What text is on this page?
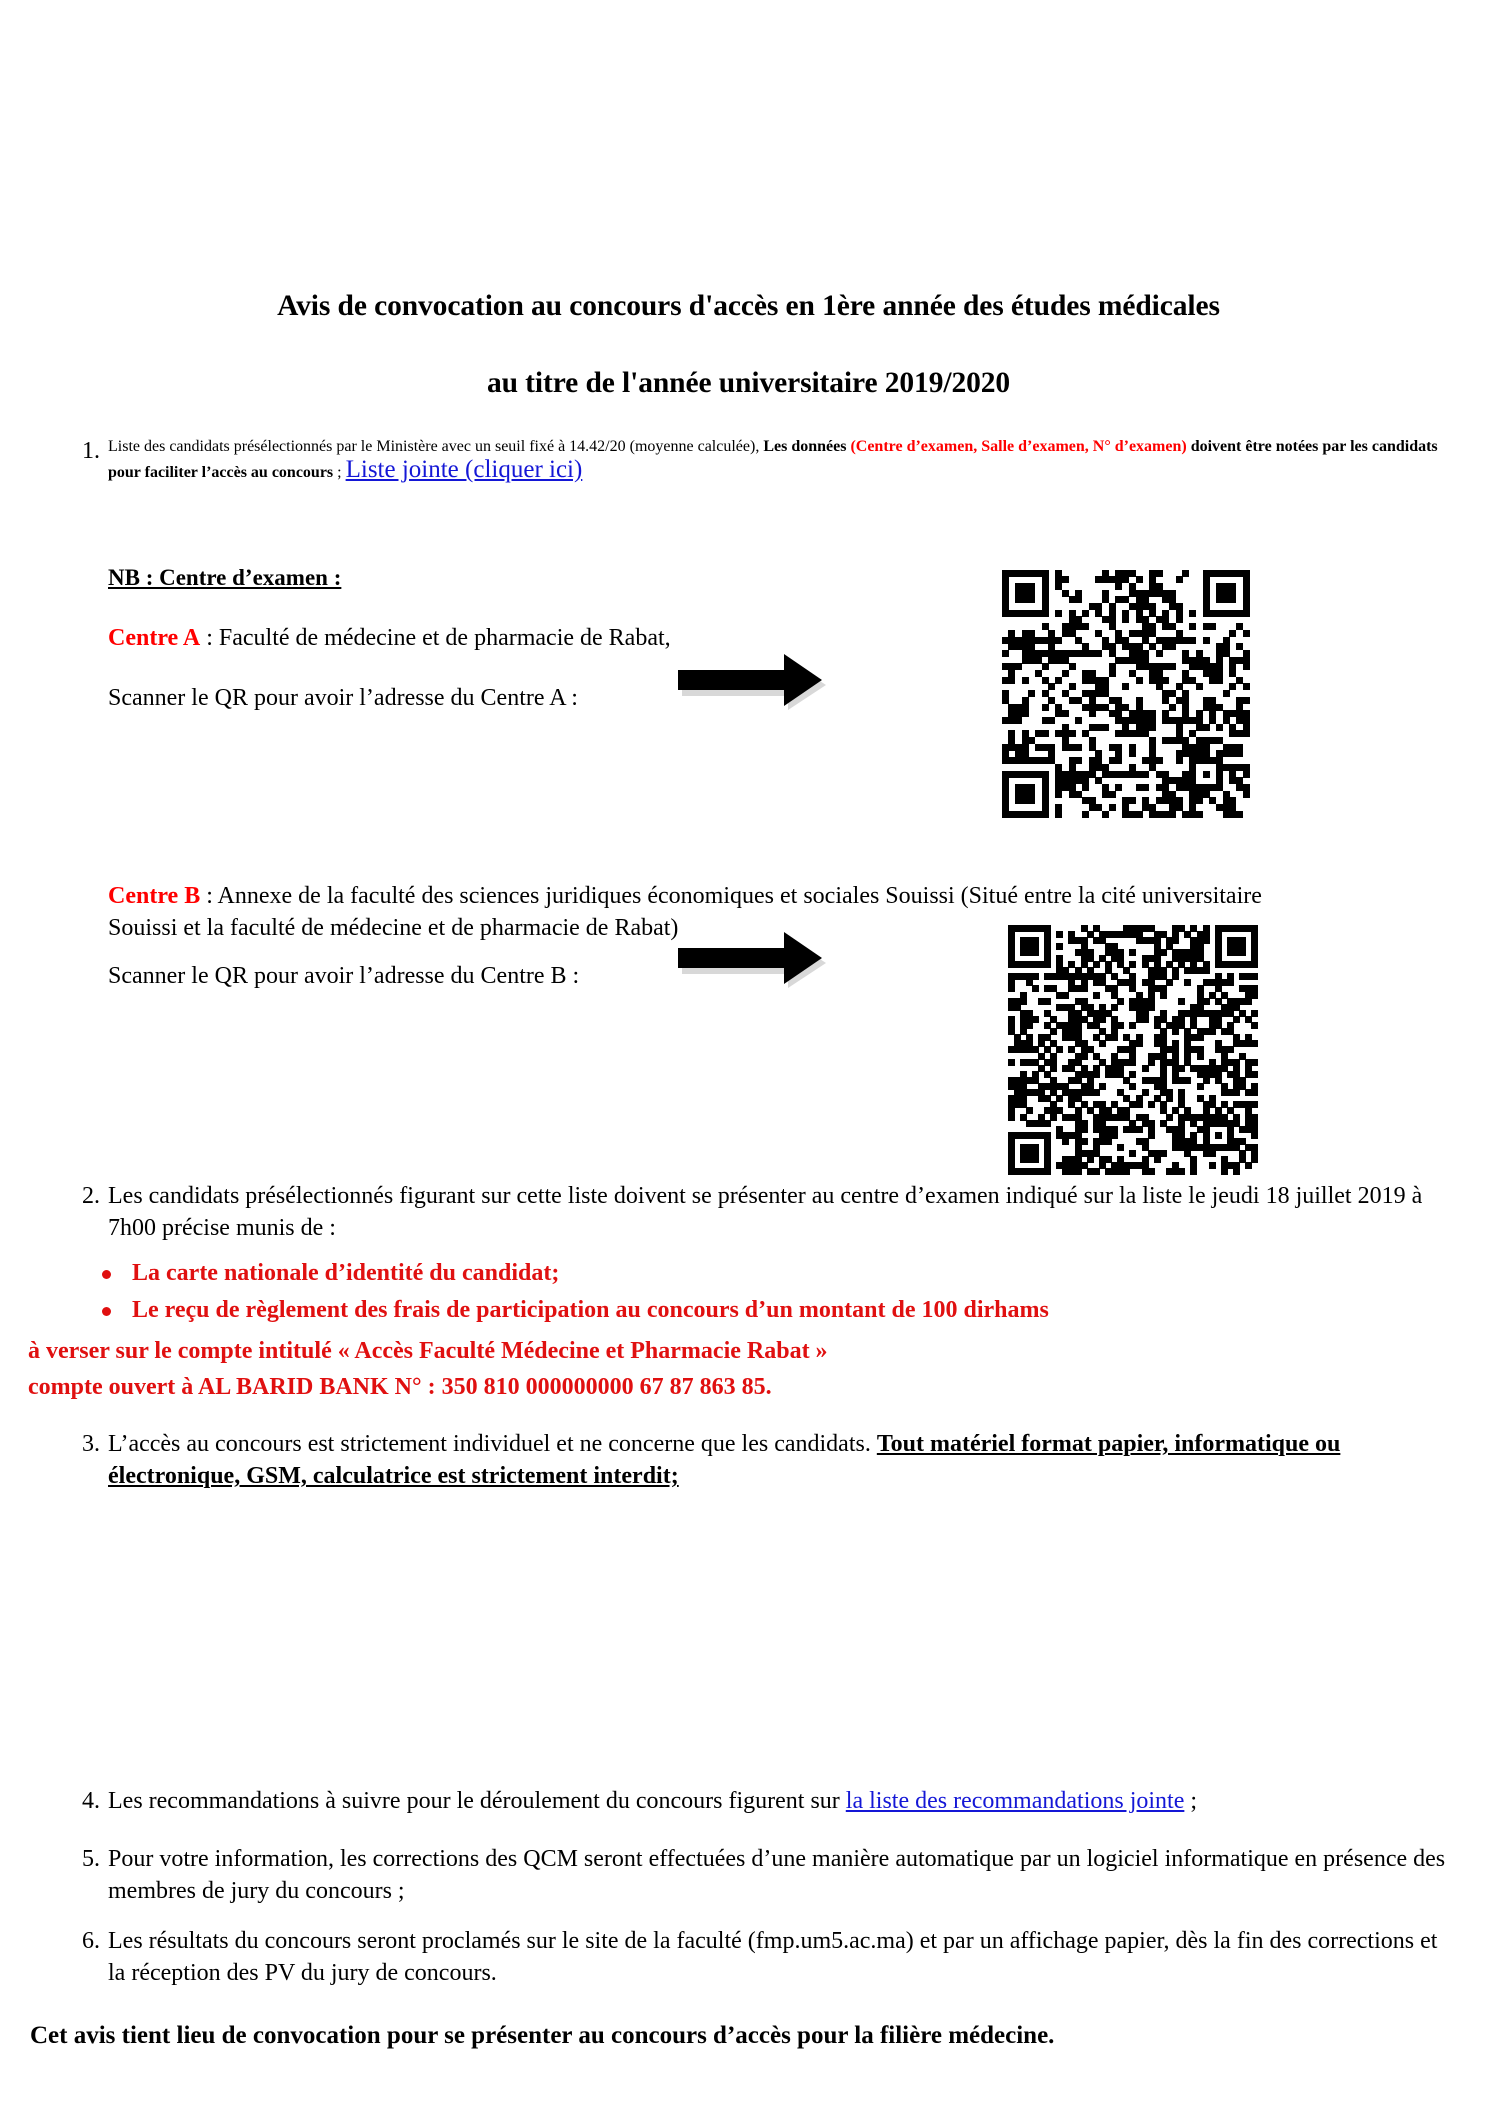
Avis de convocation au concours d'accès en 1ère année des études médicales
au titre de l'année universitaire 2019/2020
1. Liste des candidats présélectionnés par le Ministère avec un seuil fixé à 14.42/20 (moyenne calculée), Les données (Centre d’examen, Salle d’examen, N° d’examen) doivent être notées par les candidats pour faciliter l’accès au concours ; Liste jointe (cliquer ici)
NB : Centre d’examen :
Centre A : Faculté de médecine et de pharmacie de Rabat,
Scanner le QR pour avoir l’adresse du Centre A :
Centre B : Annexe de la faculté des sciences juridiques économiques et sociales Souissi (Situé entre la cité universitaire Souissi et la faculté de médecine et de pharmacie de Rabat)
Scanner le QR pour avoir l’adresse du Centre B :
2. Les candidats présélectionnés figurant sur cette liste doivent se présenter au centre d’examen indiqué sur la liste le jeudi 18 juillet 2019 à 7h00 précise munis de :
La carte nationale d’identité du candidat;
Le reçu de règlement des frais de participation au concours d’un montant de 100 dirhams
à verser sur le compte intitulé « Accès Faculté Médecine et Pharmacie Rabat »
compte ouvert à AL BARID BANK N° : 350 810 000000000 67 87 863 85.
3. L’accès au concours est strictement individuel et ne concerne que les candidats. Tout matériel format papier, informatique ou électronique, GSM, calculatrice est strictement interdit;
4. Les recommandations à suivre pour le déroulement du concours figurent sur la liste des recommandations jointe ;
5. Pour votre information, les corrections des QCM seront effectuées d’une manière automatique par un logiciel informatique en présence des membres de jury du concours ;
6. Les résultats du concours seront proclamés sur le site de la faculté (fmp.um5.ac.ma) et par un affichage papier, dès la fin des corrections et la réception des PV du jury de concours.
Cet avis tient lieu de convocation pour se présenter au concours d’accès pour la filière médecine.
